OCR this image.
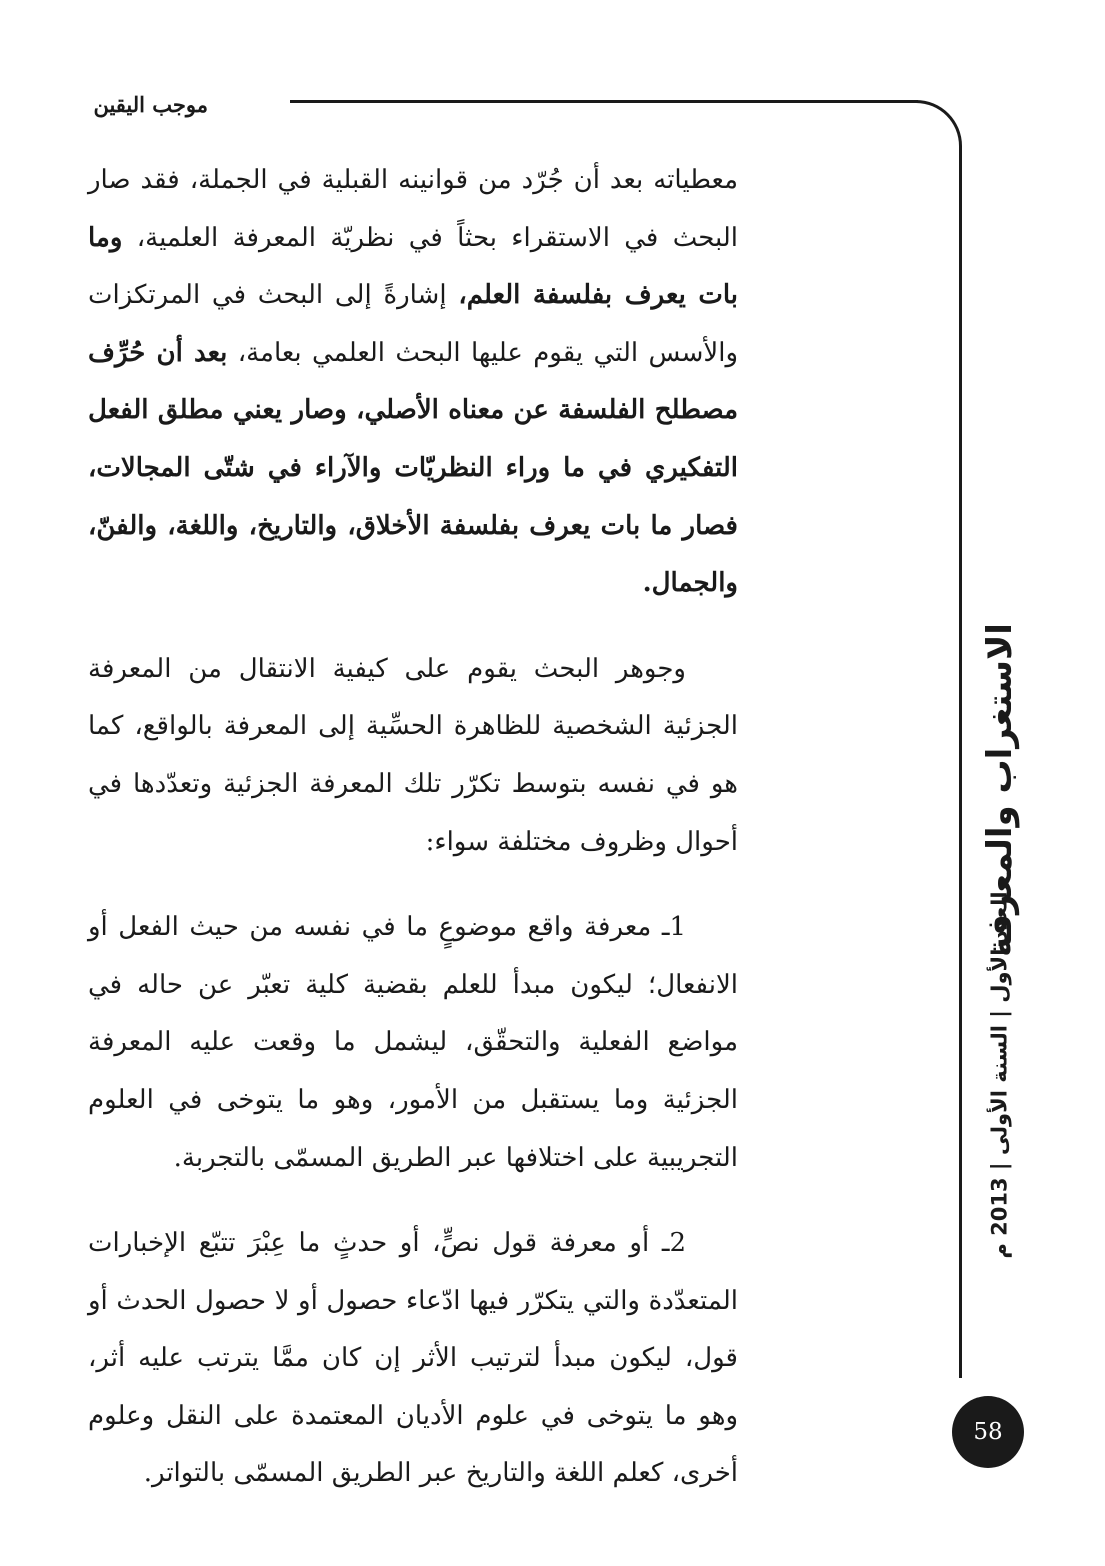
موجب اليقين

معطياته بعد أن جُرّد من قوانينه القبلية في الجملة، فقد صار البحث في الاستقراء بحثاً في نظريّة المعرفة العلمية، وما بات يعرف بفلسفة العلم، إشارةً إلى البحث في المرتكزات والأسس التي يقوم عليها البحث العلمي بعامة، بعد أن حُرِّف مصطلح الفلسفة عن معناه الأصلي، وصار يعني مطلق الفعل التفكيري في ما وراء النظريّات والآراء في شتّى المجالات، فصار ما بات يعرف بفلسفة الأخلاق، والتاريخ، واللغة، والفنّ، والجمال.

وجوهر البحث يقوم على كيفية الانتقال من المعرفة الجزئية الشخصية للظاهرة الحسِّية إلى المعرفة بالواقع، كما هو في نفسه بتوسط تكرّر تلك المعرفة الجزئية وتعدّدها في أحوال وظروف مختلفة سواء:

1ـ معرفة واقع موضوعٍ ما في نفسه من حيث الفعل أو الانفعال؛ ليكون مبدأ للعلم بقضية كلية تعبّر عن حاله في مواضع الفعلية والتحقّق، ليشمل ما وقعت عليه المعرفة الجزئية وما يستقبل من الأمور، وهو ما يتوخى في العلوم التجريبية على اختلافها عبر الطريق المسمّى بالتجربة.

2ـ أو معرفة قول نصٍّ، أو حدثٍ ما عِبْرَ تتبّع الإخبارات المتعدّدة والتي يتكرّر فيها ادّعاء حصول أو لا حصول الحدث أو قول، ليكون مبدأ لترتيب الأثر إن كان ممَّا يترتب عليه أثر، وهو ما يتوخى في علوم الأديان المعتمدة على النقل وعلوم أخرى، كعلم اللغة والتاريخ عبر الطريق المسمّى بالتواتر.

الاستغراب والمعرفة
العدد الأول | السنة الأولى | 2013 م
58
